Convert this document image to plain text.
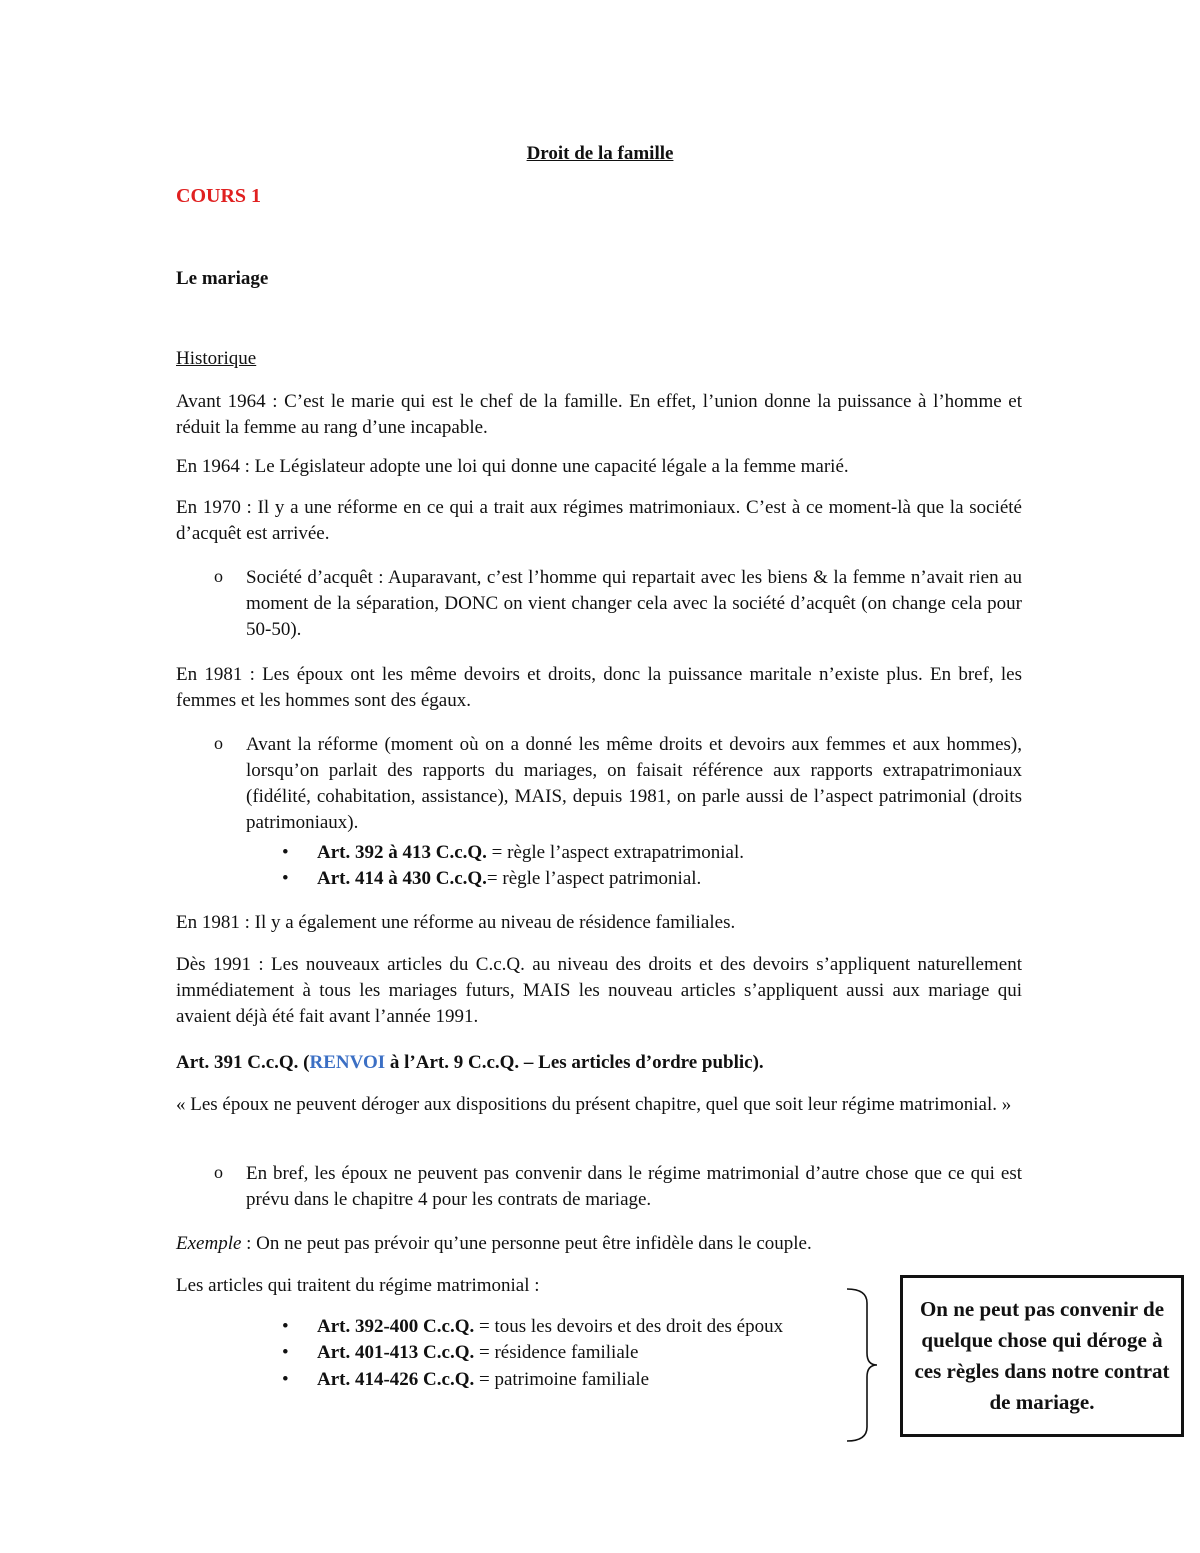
Droit de la famille
COURS 1
Le mariage
Historique

Avant 1964 : C’est le marie qui est le chef de la famille. En effet, l’union donne la puissance à l’homme et réduit la femme au rang d’une incapable.

En 1964 : Le Législateur adopte une loi qui donne une capacité légale a la femme marié.

En 1970 : Il y a une réforme en ce qui a trait aux régimes matrimoniaux. C’est à ce moment-là que la société d’acquêt est arrivée.

o Société d’acquêt : Auparavant, c’est l’homme qui repartait avec les biens & la femme n’avait rien au moment de la séparation, DONC on vient changer cela avec la société d’acquêt (on change cela pour 50-50).

En 1981 : Les époux ont les même devoirs et droits, donc la puissance maritale n’existe plus. En bref, les femmes et les hommes sont des égaux.

o Avant la réforme (moment où on a donné les même droits et devoirs aux femmes et aux hommes), lorsqu’on parlait des rapports du mariages, on faisait référence aux rapports extrapatrimoniaux (fidélité, cohabitation, assistance), MAIS, depuis 1981, on parle aussi de l’aspect patrimonial (droits patrimoniaux).

• Art. 392 à 413 C.c.Q. = règle l’aspect extrapatrimonial.
• Art. 414 à 430 C.c.Q.= règle l’aspect patrimonial.

En 1981 : Il y a également une réforme au niveau de résidence familiales.

Dès 1991 : Les nouveaux articles du C.c.Q. au niveau des droits et des devoirs s’appliquent naturellement immédiatement à tous les mariages futurs, MAIS les nouveau articles s’appliquent aussi aux mariage qui avaient déjà été fait avant l’année 1991.

Art. 391 C.c.Q. (RENVOI à l’Art. 9 C.c.Q. – Les articles d’ordre public).

« Les époux ne peuvent déroger aux dispositions du présent chapitre, quel que soit leur régime matrimonial. »

o En bref, les époux ne peuvent pas convenir dans le régime matrimonial d’autre chose que ce qui est prévu dans le chapitre 4 pour les contrats de mariage.

Exemple : On ne peut pas prévoir qu’une personne peut être infidèle dans le couple.

Les articles qui traitent du régime matrimonial :

• Art. 392-400 C.c.Q. = tous les devoirs et des droit des époux
• Art. 401-413 C.c.Q. = résidence familiale
• Art. 414-426 C.c.Q. = patrimoine familiale
On ne peut pas convenir de quelque chose qui déroge à ces règles dans notre contrat de mariage.
